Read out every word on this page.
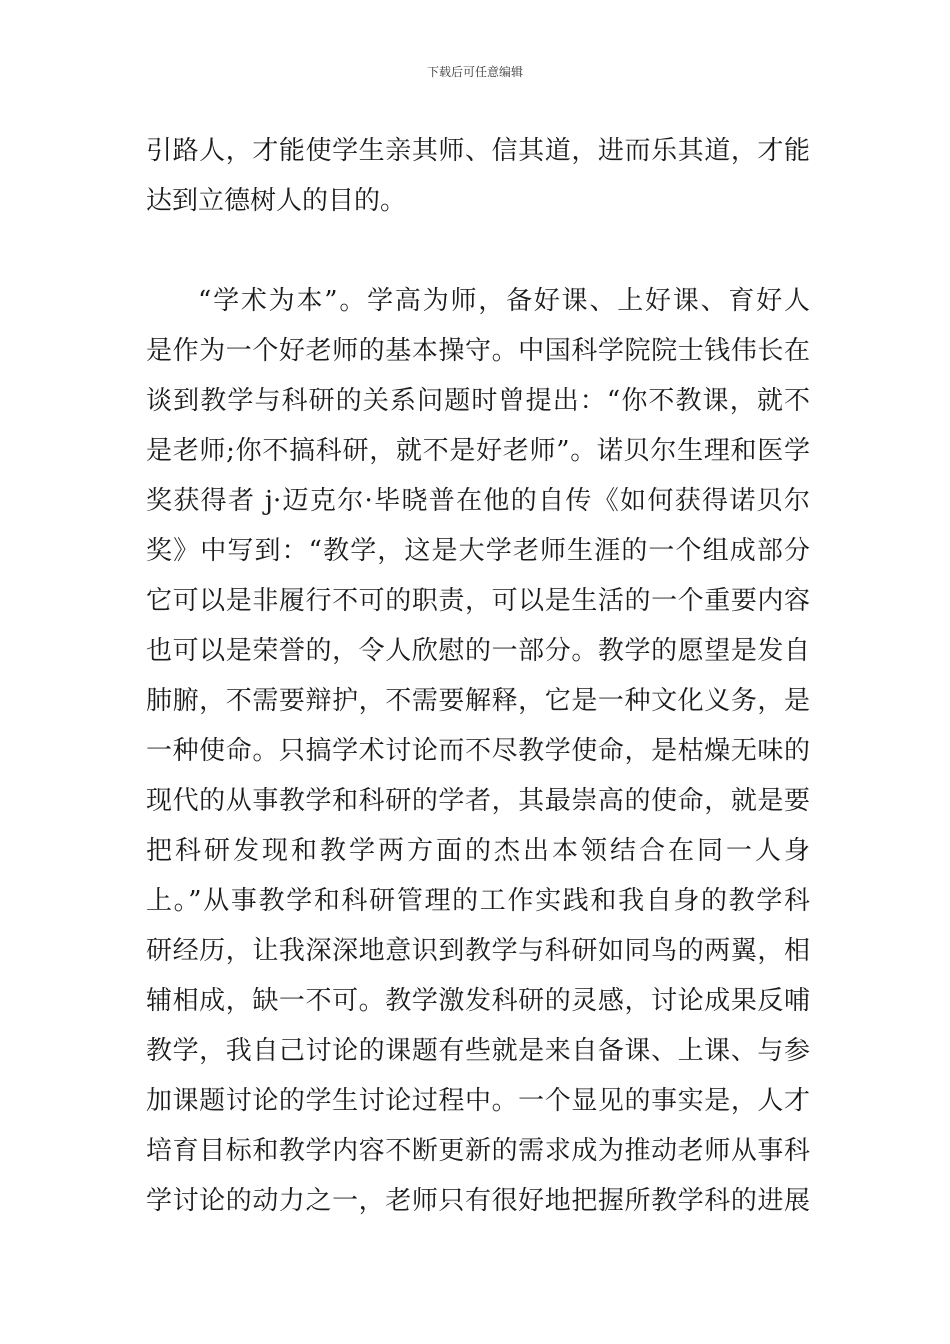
下载后可任意编辑
引路人，才能使学生亲其师、信其道，进而乐其道，才能
达到立德树人的目的。
“学术为本”。学高为师，备好课、上好课、育好人
是作为一个好老师的基本操守。中国科学院院士钱伟长在
谈到教学与科研的关系问题时曾提出：“你不教课，就不
是老师;你不搞科研，就不是好老师”。诺贝尔生理和医学
奖获得者 j·迈克尔·毕晓普在他的自传《如何获得诺贝尔
奖》中写到：“教学，这是大学老师生涯的一个组成部分
它可以是非履行不可的职责，可以是生活的一个重要内容
也可以是荣誉的，令人欣慰的一部分。教学的愿望是发自
肺腑，不需要辩护，不需要解释，它是一种文化义务，是
一种使命。只搞学术讨论而不尽教学使命，是枯燥无味的
现代的从事教学和科研的学者，其最崇高的使命，就是要
把科研发现和教学两方面的杰出本领结合在同一人身
上。”从事教学和科研管理的工作实践和我自身的教学科
研经历，让我深深地意识到教学与科研如同鸟的两翼，相
辅相成，缺一不可。教学激发科研的灵感，讨论成果反哺
教学，我自己讨论的课题有些就是来自备课、上课、与参
加课题讨论的学生讨论过程中。一个显见的事实是，人才
培育目标和教学内容不断更新的需求成为推动老师从事科
学讨论的动力之一，老师只有很好地把握所教学科的进展
